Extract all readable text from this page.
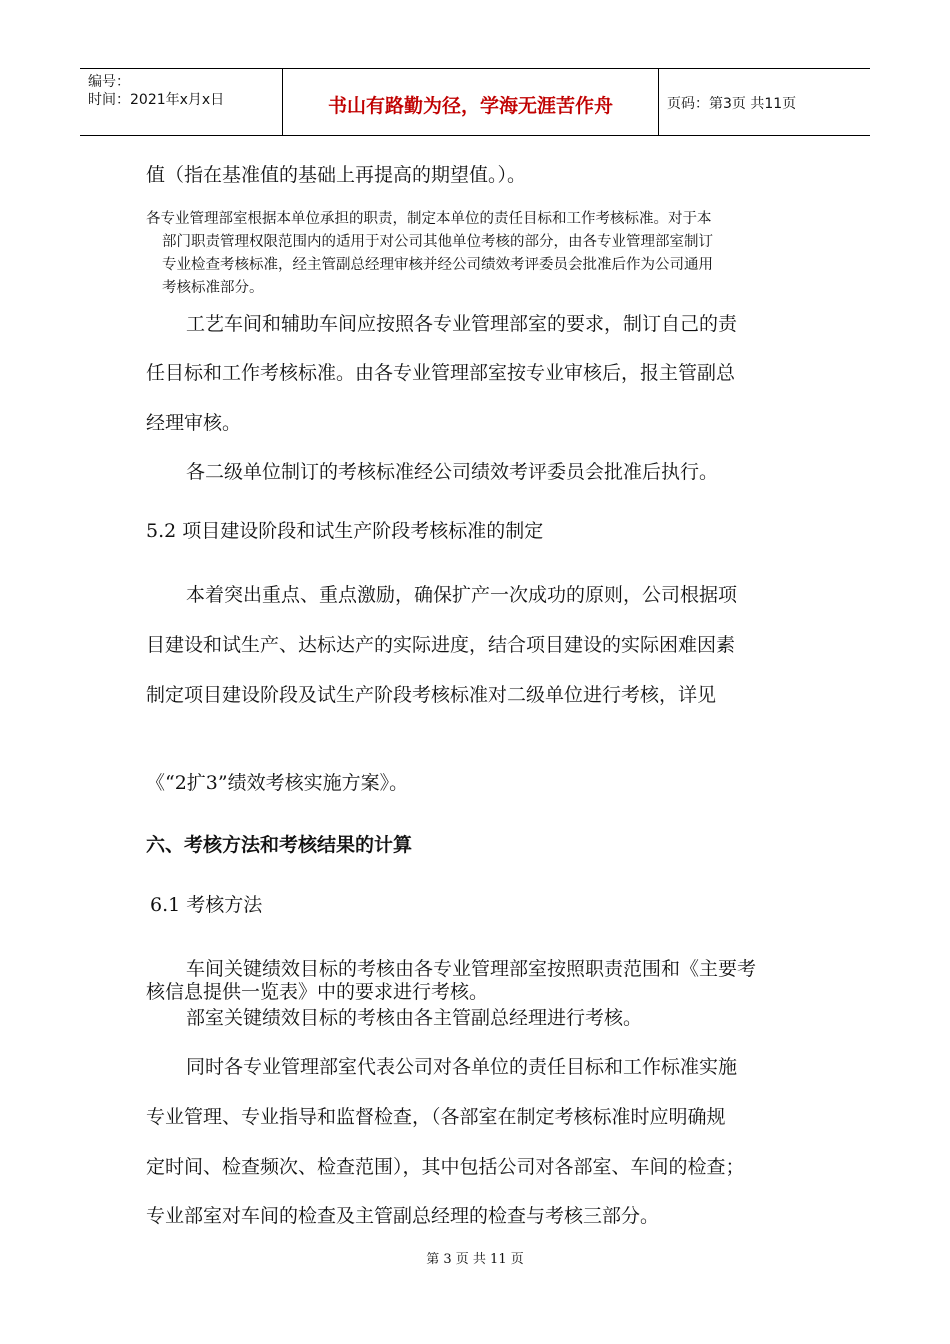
编号：
时间：2021年x月x日	书山有路勤为径，学海无涯苦作舟	页码：第3页 共11页

值（指在基准值的基础上再提高的期望值。）。

各专业管理部室根据本单位承担的职责，制定本单位的责任目标和工作考核标准。对于本

部门职责管理权限范围内的适用于对公司其他单位考核的部分，由各专业管理部室制订

专业检查考核标准，经主管副总经理审核并经公司绩效考评委员会批准后作为公司通用

考核标准部分。

工艺车间和辅助车间应按照各专业管理部室的要求，制订自己的责

任目标和工作考核标准。由各专业管理部室按专业审核后，报主管副总

经理审核。

各二级单位制订的考核标准经公司绩效考评委员会批准后执行。

5.2 项目建设阶段和试生产阶段考核标准的制定

本着突出重点、重点激励，确保扩产一次成功的原则，公司根据项

目建设和试生产、达标达产的实际进度，结合项目建设的实际困难因素

制定项目建设阶段及试生产阶段考核标准对二级单位进行考核，详见

《“2扩3”绩效考核实施方案》。

六、考核方法和考核结果的计算

6.1 考核方法

车间关键绩效目标的考核由各专业管理部室按照职责范围和《主要考

核信息提供一览表》中的要求进行考核。

部室关键绩效目标的考核由各主管副总经理进行考核。

同时各专业管理部室代表公司对各单位的责任目标和工作标准实施

专业管理、专业指导和监督检查，（各部室在制定考核标准时应明确规

定时间、检查频次、检查范围），其中包括公司对各部室、车间的检查；

专业部室对车间的检查及主管副总经理的检查与考核三部分。

第 3 页 共 11 页
